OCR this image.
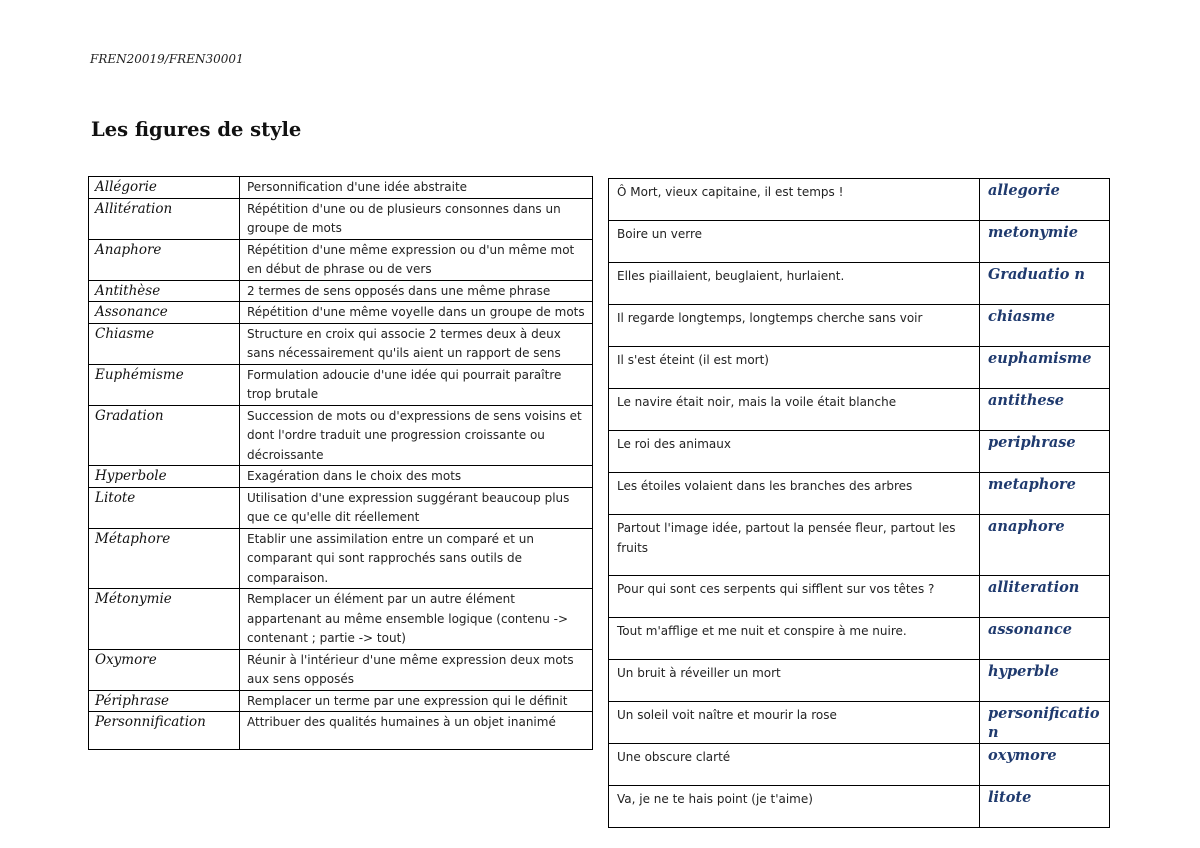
FREN20019/FREN30001
Les figures de style
Allégorie	Personnification d'une idée abstraite
Allitération	Répétition d'une ou de plusieurs consonnes dans un groupe de mots
Anaphore	Répétition d'une même expression ou d'un même mot en début de phrase ou de vers
Antithèse	2 termes de sens opposés dans une même phrase
Assonance	Répétition d'une même voyelle dans un groupe de mots
Chiasme	Structure en croix qui associe 2 termes deux à deux sans nécessairement qu'ils aient un rapport de sens
Euphémisme	Formulation adoucie d'une idée qui pourrait paraître trop brutale
Gradation	Succession de mots ou d'expressions de sens voisins et dont l'ordre traduit une progression croissante ou décroissante
Hyperbole	Exagération dans le choix des mots
Litote	Utilisation d'une expression suggérant beaucoup plus que ce qu'elle dit réellement
Métaphore	Etablir une assimilation entre un comparé et un comparant qui sont rapprochés sans outils de comparaison.
Métonymie	Remplacer un élément par un autre élément appartenant au même ensemble logique (contenu -> contenant ; partie -> tout)
Oxymore	Réunir à l'intérieur d'une même expression deux mots aux sens opposés
Périphrase	Remplacer un terme par une expression qui le définit
Personnification	Attribuer des qualités humaines à un objet inanimé
Ô Mort, vieux capitaine, il est temps !	allegorie
Boire un verre	metonymie
Elles piaillaient, beuglaient, hurlaient.	Graduatio n
Il regarde longtemps, longtemps cherche sans voir	chiasme
Il s'est éteint (il est mort)	euphamisme
Le navire était noir, mais la voile était blanche	antithese
Le roi des animaux	periphrase
Les étoiles volaient dans les branches des arbres	metaphore
Partout l'image idée, partout la pensée fleur, partout les fruits	anaphore
Pour qui sont ces serpents qui sifflent sur vos têtes ?	alliteration
Tout m'afflige et me nuit et conspire à me nuire.	assonance
Un bruit à réveiller un mort	hyperble
Un soleil voit naître et mourir la rose	personificatio n
Une obscure clarté	oxymore
Va, je ne te hais point (je t'aime)	litote
